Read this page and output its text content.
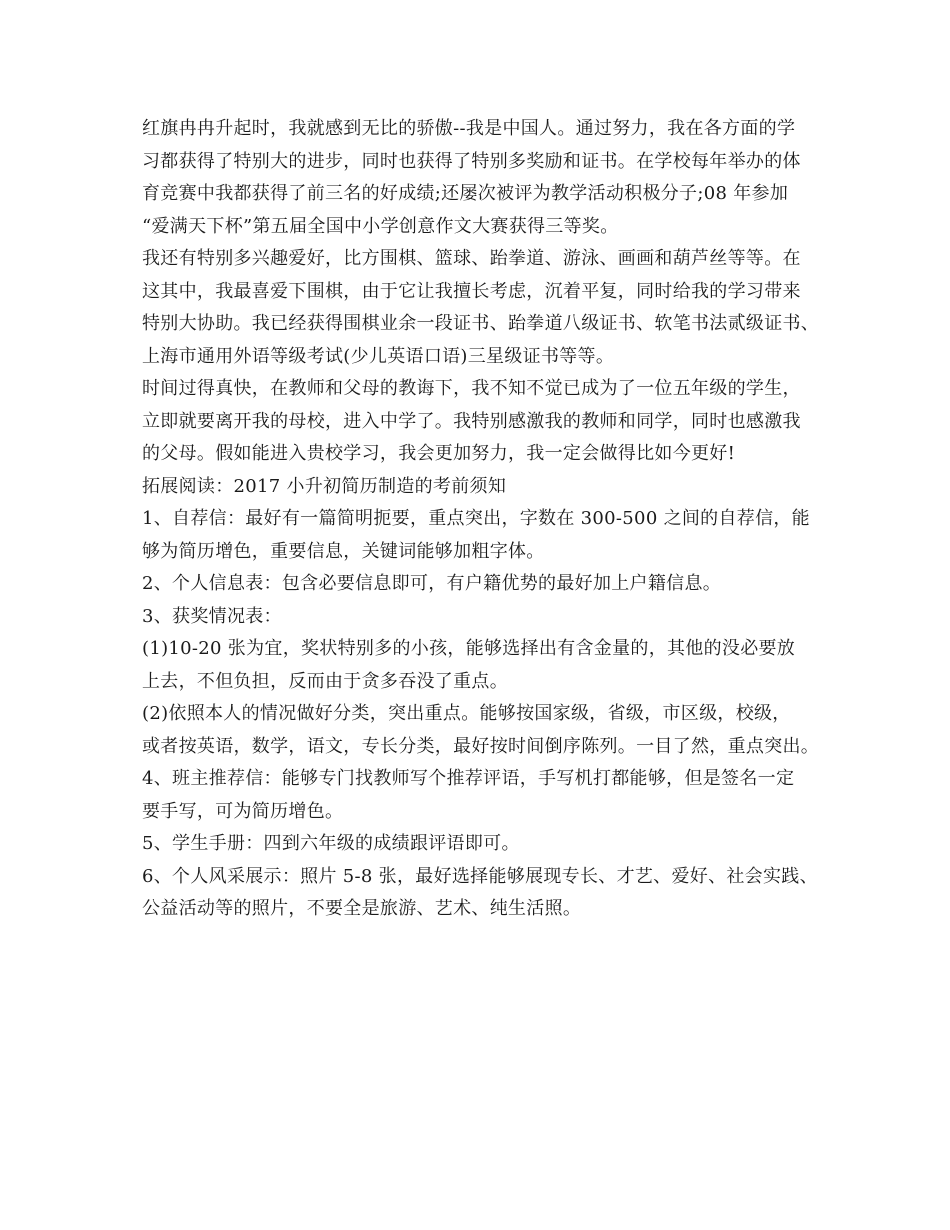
红旗冉冉升起时，我就感到无比的骄傲--我是中国人。通过努力，我在各方面的学
习都获得了特别大的进步，同时也获得了特别多奖励和证书。在学校每年举办的体
育竞赛中我都获得了前三名的好成绩;还屡次被评为教学活动积极分子;08 年参加
“爱满天下杯”第五届全国中小学创意作文大赛获得三等奖。
我还有特别多兴趣爱好，比方围棋、篮球、跆拳道、游泳、画画和葫芦丝等等。在
这其中，我最喜爱下围棋，由于它让我擅长考虑，沉着平复，同时给我的学习带来
特别大协助。我已经获得围棋业余一段证书、跆拳道八级证书、软笔书法贰级证书、
上海市通用外语等级考试(少儿英语口语)三星级证书等等。
时间过得真快，在教师和父母的教诲下，我不知不觉已成为了一位五年级的学生，
立即就要离开我的母校，进入中学了。我特别感激我的教师和同学，同时也感激我
的父母。假如能进入贵校学习，我会更加努力，我一定会做得比如今更好!
拓展阅读：2017 小升初简历制造的考前须知
1、自荐信：最好有一篇简明扼要，重点突出，字数在 300-500 之间的自荐信，能
够为简历增色，重要信息，关键词能够加粗字体。
2、个人信息表：包含必要信息即可，有户籍优势的最好加上户籍信息。
3、获奖情况表：
(1)10-20 张为宜，奖状特别多的小孩，能够选择出有含金量的，其他的没必要放
上去，不但负担，反而由于贪多吞没了重点。
(2)依照本人的情况做好分类，突出重点。能够按国家级，省级，市区级，校级，
或者按英语，数学，语文，专长分类，最好按时间倒序陈列。一目了然，重点突出。
4、班主推荐信：能够专门找教师写个推荐评语，手写机打都能够，但是签名一定
要手写，可为简历增色。
5、学生手册：四到六年级的成绩跟评语即可。
6、个人风采展示：照片 5-8 张，最好选择能够展现专长、才艺、爱好、社会实践、
公益活动等的照片，不要全是旅游、艺术、纯生活照。
